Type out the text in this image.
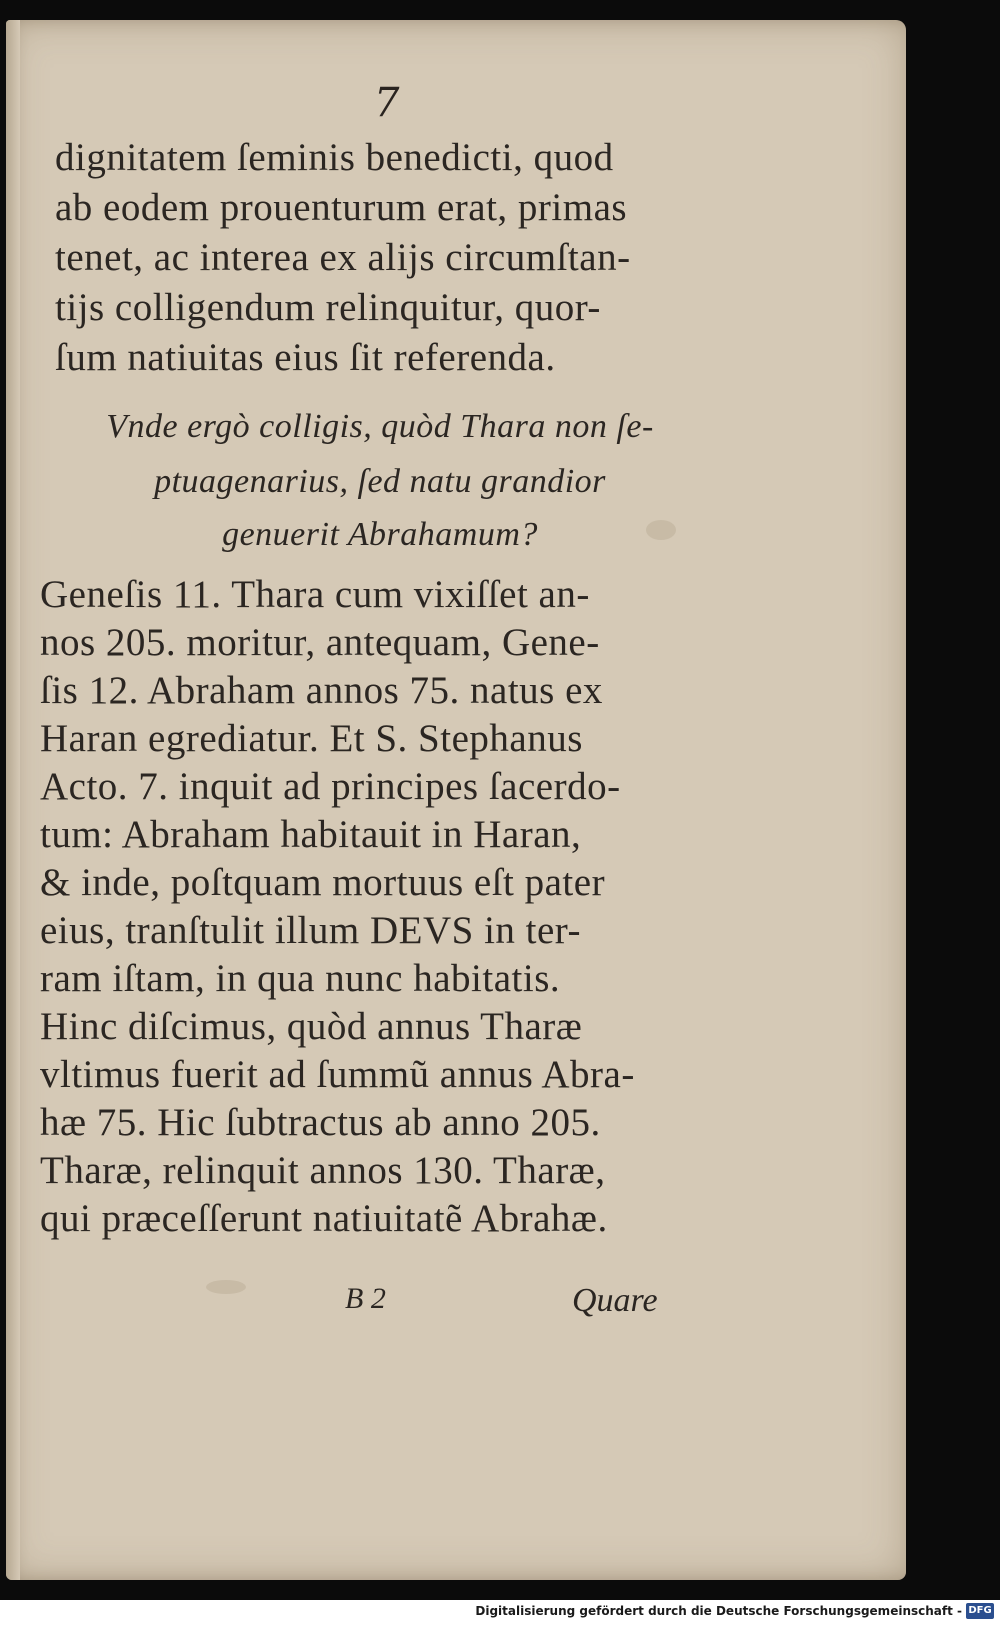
7
dignitatem ſeminis benedicti, quod
ab eodem prouenturum erat, primas
tenet, ac interea ex alijs circumſtan-
tijs colligendum relinquitur, quor-
ſum natiuitas eius ſit referenda.
Vnde ergò colligis, quòd Thara non ſe-
ptuagenarius, ſed natu grandior
genuerit Abrahamum?
Geneſis 11. Thara cum vixiſſet an-
nos 205. moritur, antequam, Gene-
ſis 12. Abraham annos 75. natus ex
Haran egrediatur. Et S. Stephanus
Acto. 7. inquit ad principes ſacerdo-
tum: Abraham habitauit in Haran,
& inde, poſtquam mortuus eſt pater
eius, tranſtulit illum DEVS in ter-
ram iſtam, in qua nunc habitatis.
Hinc diſcimus, quòd annus Tharæ
vltimus fuerit ad ſummũ annus Abra-
hæ 75. Hic ſubtractus ab anno 205.
Tharæ, relinquit annos 130. Tharæ,
qui præceſſerunt natiuitatẽ Abrahæ.
B 2	Quare
Digitalisierung gefördert durch die Deutsche Forschungsgemeinschaft - DFG
